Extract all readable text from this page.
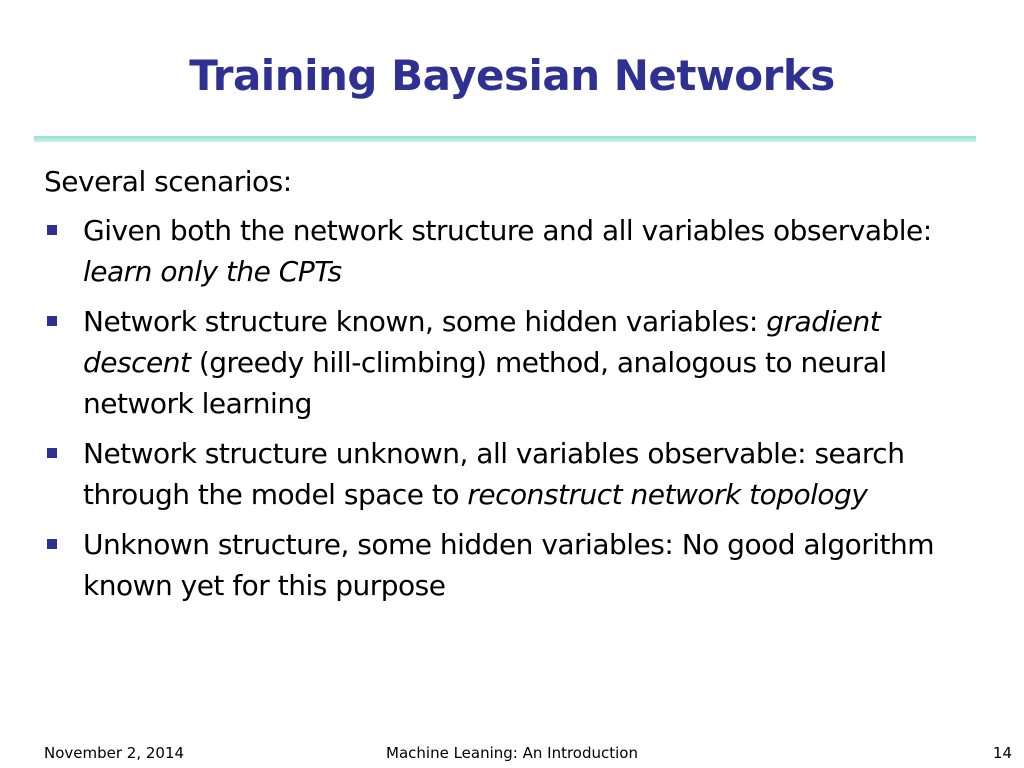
Training Bayesian Networks
Several scenarios:
Given both the network structure and all variables observable: learn only the CPTs
Network structure known, some hidden variables: gradient descent (greedy hill-climbing) method, analogous to neural network learning
Network structure unknown, all variables observable: search through the model space to reconstruct network topology
Unknown structure, some hidden variables: No good algorithm known yet for this purpose
November 2, 2014	Machine Leaning: An Introduction	14
